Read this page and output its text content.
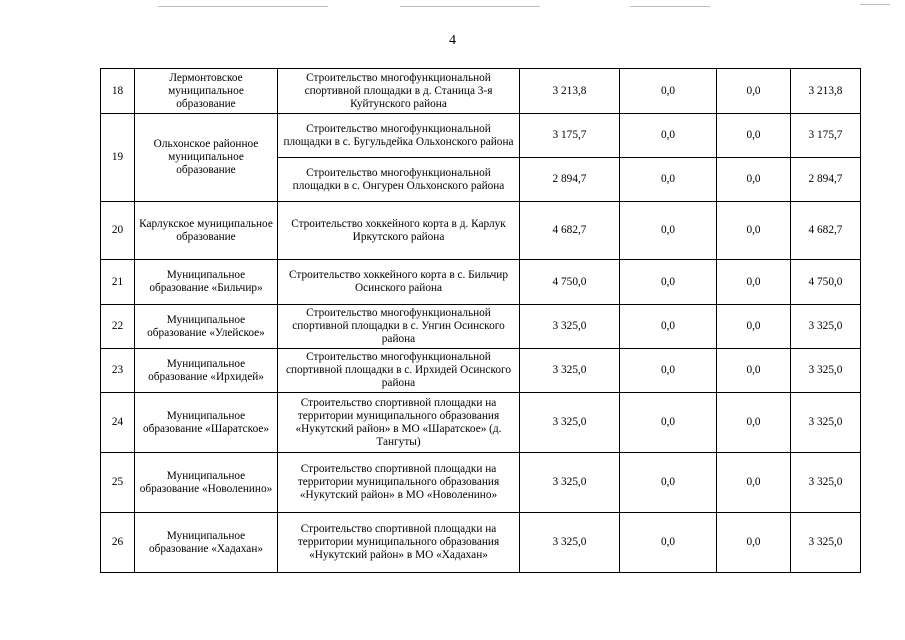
4
18	Лермонтовское муниципальное образование	Строительство многофункциональной спортивной площадки в д. Станица 3-я Куйтунского района	3 213,8	0,0	0,0	3 213,8
19	Ольхонское районное муниципальное образование	Строительство многофункциональной площадки в с. Бугульдейка Ольхонского района	3 175,7	0,0	0,0	3 175,7
		Строительство многофункциональной площадки в с. Онгурен Ольхонского района	2 894,7	0,0	0,0	2 894,7
20	Карлукское муниципальное образование	Строительство хоккейного корта в д. Карлук Иркутского района	4 682,7	0,0	0,0	4 682,7
21	Муниципальное образование «Бильчир»	Строительство хоккейного корта в с. Бильчир Осинского района	4 750,0	0,0	0,0	4 750,0
22	Муниципальное образование «Улейское»	Строительство многофункциональной спортивной площадки в с. Унгин Осинского района	3 325,0	0,0	0,0	3 325,0
23	Муниципальное образование «Ирхидей»	Строительство многофункциональной спортивной площадки в с. Ирхидей Осинского района	3 325,0	0,0	0,0	3 325,0
24	Муниципальное образование «Шаратское»	Строительство спортивной площадки на территории муниципального образования «Нукутский район» в МО «Шаратское» (д. Тангуты)	3 325,0	0,0	0,0	3 325,0
25	Муниципальное образование «Новоленино»	Строительство спортивной площадки на территории муниципального образования «Нукутский район» в МО «Новоленино»	3 325,0	0,0	0,0	3 325,0
26	Муниципальное образование «Хадахан»	Строительство спортивной площадки на территории муниципального образования «Нукутский район» в МО «Хадахан»	3 325,0	0,0	0,0	3 325,0
